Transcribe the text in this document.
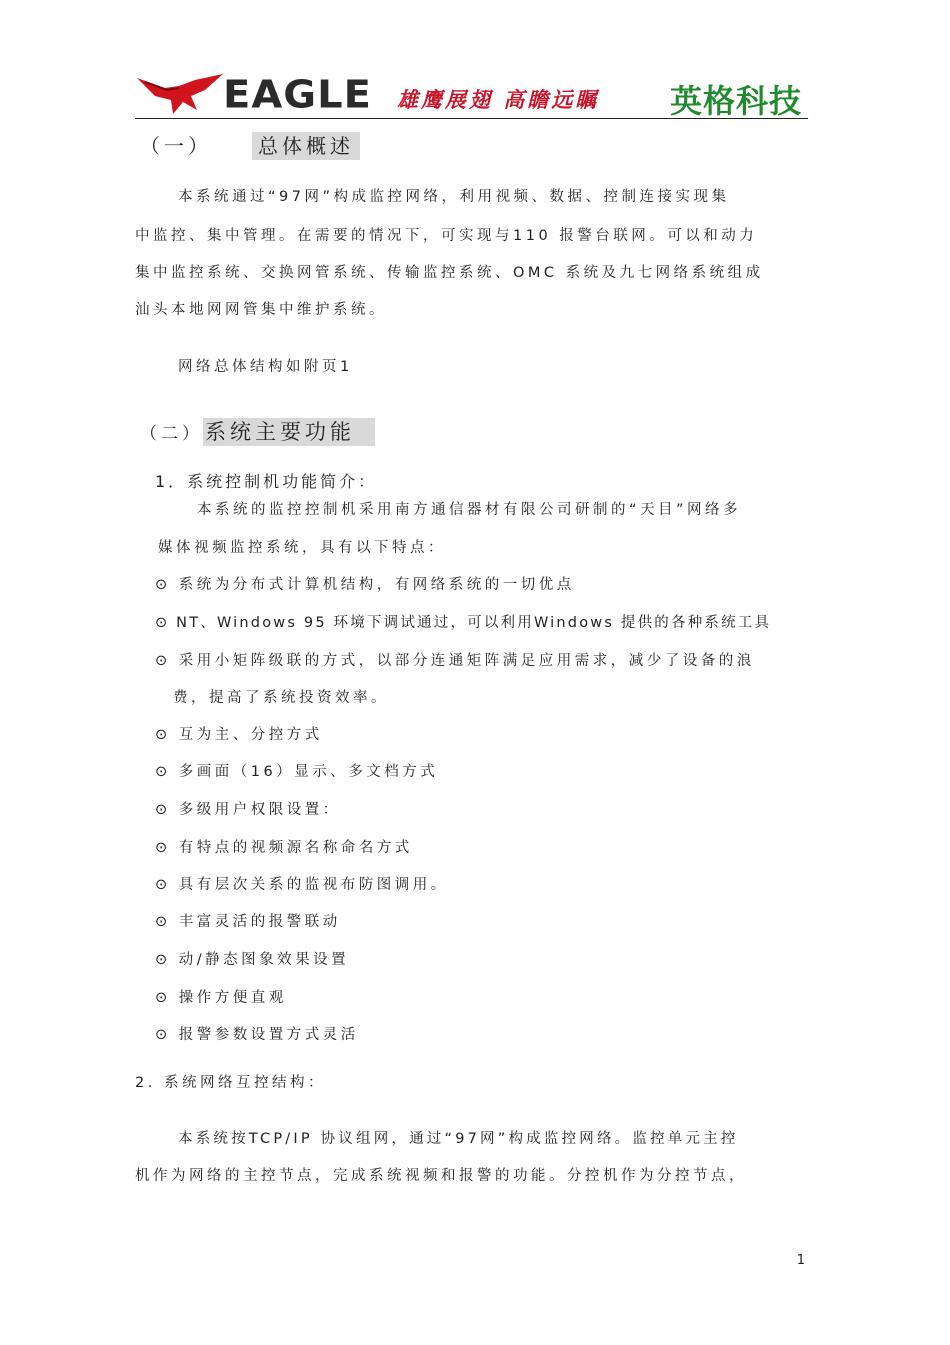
EAGLE 雄鹰展翅 高瞻远瞩 英格科技
（一） 总体概述
本系统通过“97网”构成监控网络，利用视频、数据、控制连接实现集
中监控、集中管理。在需要的情况下，可实现与110 报警台联网。可以和动力
集中监控系统、交换网管系统、传输监控系统、OMC 系统及九七网络系统组成
汕头本地网网管集中维护系统。
网络总体结构如附页1
（二）系统主要功能
1．系统控制机功能简介：
本系统的监控控制机采用南方通信器材有限公司研制的“天目”网络多
媒体视频监控系统，具有以下特点：
⊙ 系统为分布式计算机结构，有网络系统的一切优点
⊙ NT、Windows 95 环境下调试通过，可以利用Windows 提供的各种系统工具
⊙ 采用小矩阵级联的方式，以部分连通矩阵满足应用需求，减少了设备的浪
费，提高了系统投资效率。
⊙ 互为主、分控方式
⊙ 多画面（16）显示、多文档方式
⊙ 多级用户权限设置：
⊙ 有特点的视频源名称命名方式
⊙ 具有层次关系的监视布防图调用。
⊙ 丰富灵活的报警联动
⊙ 动/静态图象效果设置
⊙ 操作方便直观
⊙ 报警参数设置方式灵活
2. 系统网络互控结构：
本系统按TCP/IP 协议组网，通过“97网”构成监控网络。监控单元主控
机作为网络的主控节点，完成系统视频和报警的功能。分控机作为分控节点，
1
